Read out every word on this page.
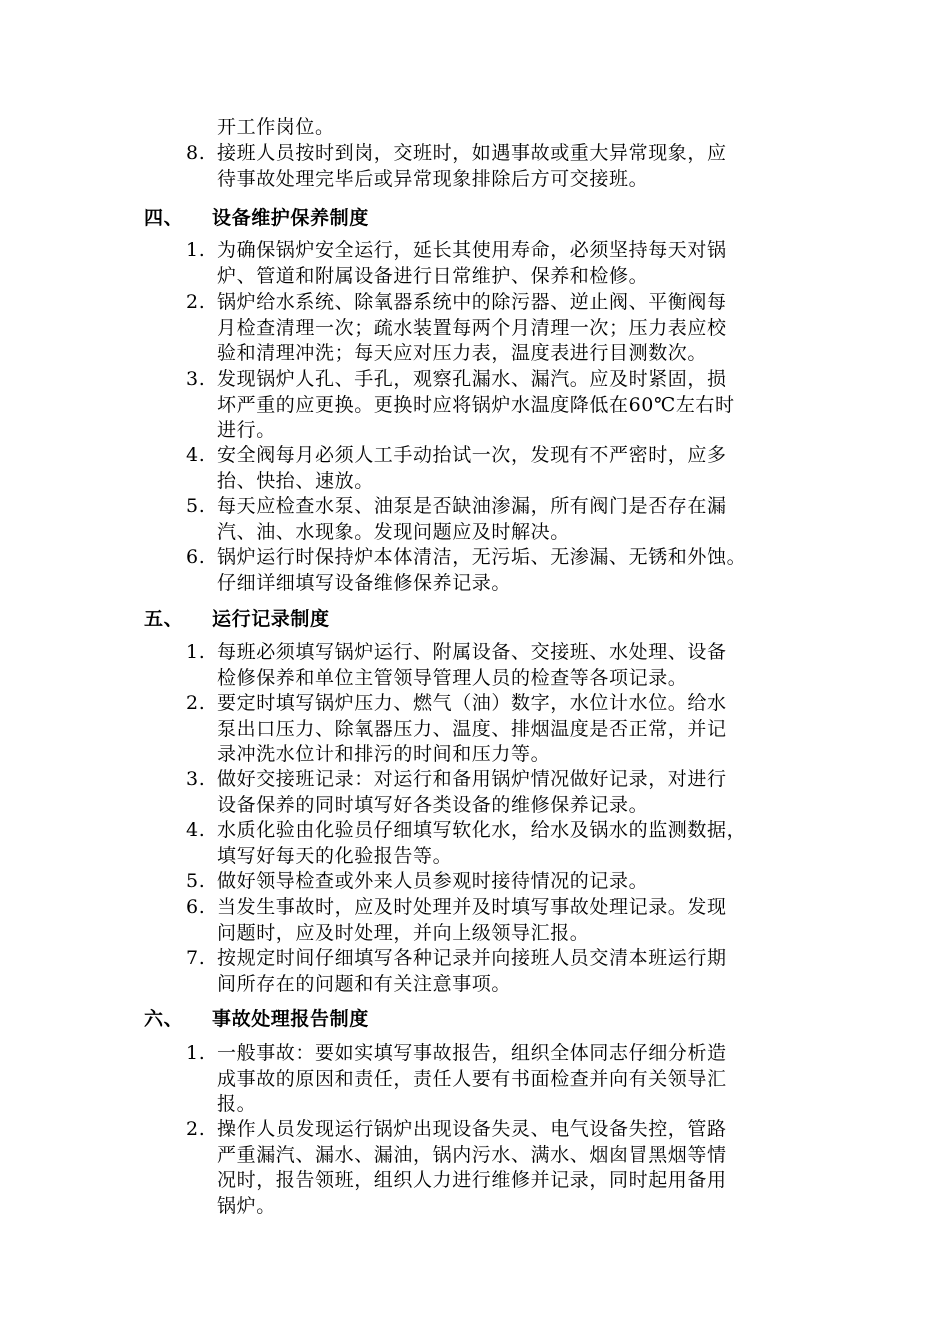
开工作岗位。

8. 接班人员按时到岗，交班时，如遇事故或重大异常现象，应
待事故处理完毕后或异常现象排除后方可交接班。

四、 设备维护保养制度

1. 为确保锅炉安全运行，延长其使用寿命，必须坚持每天对锅
炉、管道和附属设备进行日常维护、保养和检修。

2. 锅炉给水系统、除氧器系统中的除污器、逆止阀、平衡阀每
月检查清理一次；疏水装置每两个月清理一次；压力表应校
验和清理冲洗；每天应对压力表，温度表进行目测数次。

3. 发现锅炉人孔、手孔，观察孔漏水、漏汽。应及时紧固，损
坏严重的应更换。更换时应将锅炉水温度降低在60℃左右时
进行。

4. 安全阀每月必须人工手动抬试一次，发现有不严密时，应多
抬、快抬、速放。

5. 每天应检查水泵、油泵是否缺油渗漏，所有阀门是否存在漏
汽、油、水现象。发现问题应及时解决。

6. 锅炉运行时保持炉本体清洁，无污垢、无渗漏、无锈和外蚀。
仔细详细填写设备维修保养记录。

五、 运行记录制度

1. 每班必须填写锅炉运行、附属设备、交接班、水处理、设备
检修保养和单位主管领导管理人员的检查等各项记录。

2. 要定时填写锅炉压力、燃气（油）数字，水位计水位。给水
泵出口压力、除氧器压力、温度、排烟温度是否正常，并记
录冲洗水位计和排污的时间和压力等。

3. 做好交接班记录：对运行和备用锅炉情况做好记录，对进行
设备保养的同时填写好各类设备的维修保养记录。

4. 水质化验由化验员仔细填写软化水，给水及锅水的监测数据，
填写好每天的化验报告等。

5. 做好领导检查或外来人员参观时接待情况的记录。

6. 当发生事故时，应及时处理并及时填写事故处理记录。发现
问题时，应及时处理，并向上级领导汇报。

7. 按规定时间仔细填写各种记录并向接班人员交清本班运行期
间所存在的问题和有关注意事项。

六、 事故处理报告制度

1. 一般事故：要如实填写事故报告，组织全体同志仔细分析造
成事故的原因和责任，责任人要有书面检查并向有关领导汇
报。

2. 操作人员发现运行锅炉出现设备失灵、电气设备失控，管路
严重漏汽、漏水、漏油，锅内污水、满水、烟囱冒黑烟等情
况时，报告领班，组织人力进行维修并记录，同时起用备用
锅炉。
